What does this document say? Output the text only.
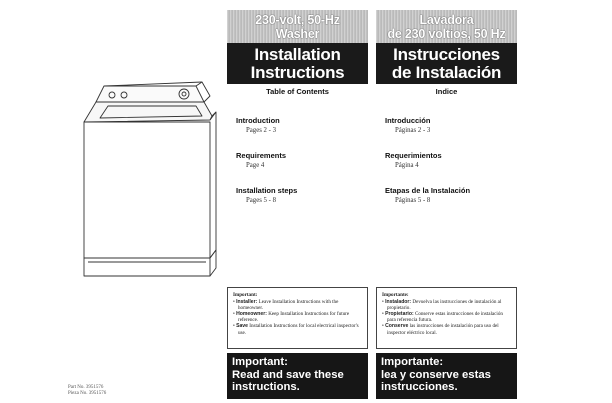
230-volt, 50-Hz
Washer
Installation
Instructions
Table of Contents
Introduction
Pages 2 - 3
Requirements
Page 4
Installation steps
Pages 5 - 8
Lavadora
de 230 voltios, 50 Hz
Instrucciones
de Instalación
Indice
Introducción
Páginas 2 - 3
Requerimientos
Página 4
Etapas de la Instalación
Páginas 5 - 8
Important:
• Installer: Leave Installation Instructions with the homeowner.
• Homeowner: Keep Installation Instructions for future reference.
• Save Installation Instructions for local electrical inspector's use.
Importante:
• Instalador: Devuelva las instrucciones de instalación al propietario.
• Propietario: Conserve estas instrucciones de instalación para referencia futura.
• Conserve las instrucciones de instalación para uso del inspector eléctrico local.
Important:
Read and save these
instructions.
Importante:
lea y conserve estas
instrucciones.
Part No. 3951576
Pieza No. 3951576
